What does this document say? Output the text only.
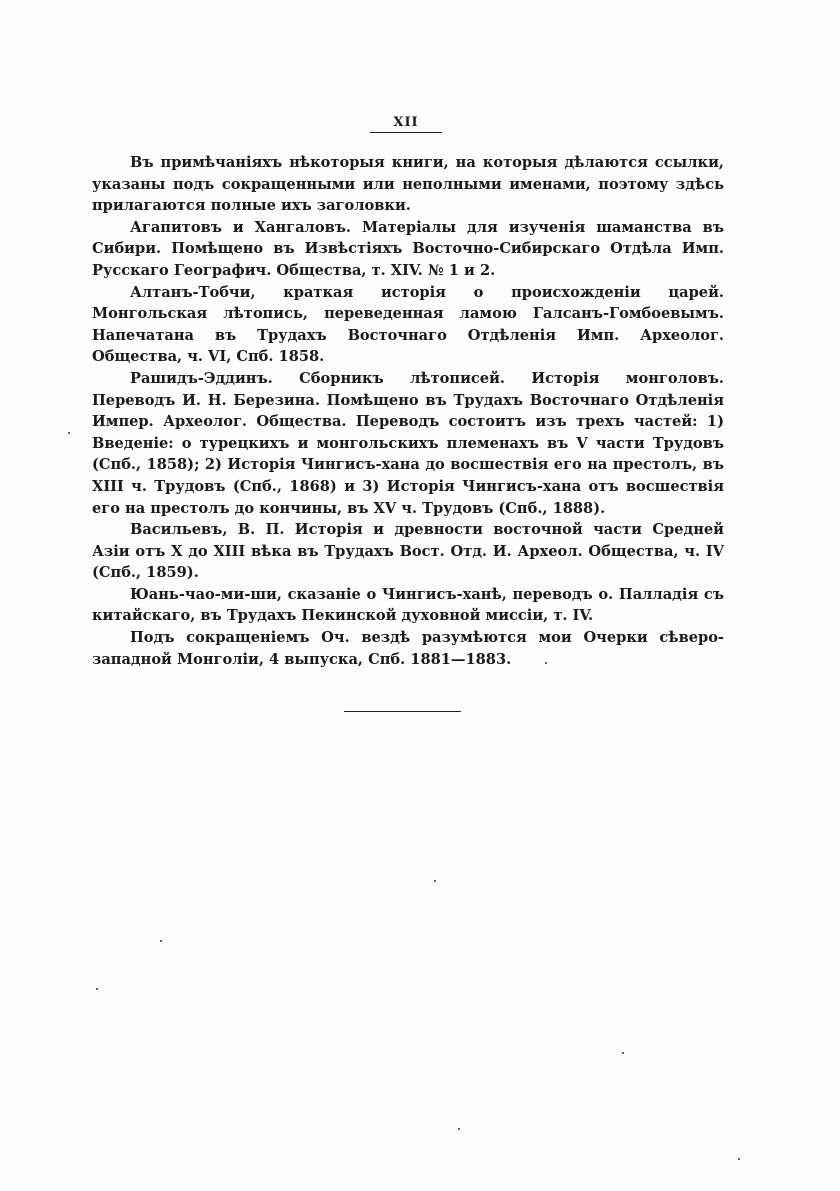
XII

Въ примѣчаніяхъ нѣкоторыя книги, на которыя дѣлаются ссылки, указаны подъ сокращенными или неполными именами, поэтому здѣсь прилагаются полные ихъ заголовки.

Агапитовъ и Хангаловъ. Матеріалы для изученія шаманства въ Сибири. Помѣщено въ Извѣстіяхъ Восточно-Сибирскаго Отдѣла Имп. Русскаго Географич. Общества, т. XIV. № 1 и 2.

Алтанъ-Тобчи, краткая исторія о происхожденіи царей. Монгольская лѣтопись, переведенная ламою Галсанъ-Гомбоевымъ. Напечатана въ Трудахъ Восточнаго Отдѣленія Имп. Археолог. Общества, ч. VI, Спб. 1858.

Рашидъ-Эддинъ. Сборникъ лѣтописей. Исторія монголовъ. Переводъ И. Н. Березина. Помѣщено въ Трудахъ Восточнаго Отдѣленія Импер. Археолог. Общества. Переводъ состоитъ изъ трехъ частей: 1) Введеніе: о турецкихъ и монгольскихъ племенахъ въ V части Трудовъ (Спб., 1858); 2) Исторія Чингисъ-хана до восшествія его на престолъ, въ XIII ч. Трудовъ (Спб., 1868) и 3) Исторія Чингисъ-хана отъ восшествія его на престолъ до кончины, въ XV ч. Трудовъ (Спб., 1888).

Васильевъ, В. П. Исторія и древности восточной части Средней Азіи отъ X до XIII вѣка въ Трудахъ Вост. Отд. И. Археол. Общества, ч. IV (Спб., 1859).

Юань-чао-ми-ши, сказаніе о Чингисъ-ханѣ, переводъ о. Палладія съ китайскаго, въ Трудахъ Пекинской духовной миссіи, т. IV.

Подъ сокращеніемъ Оч. вездѣ разумѣются мои Очерки сѣверо-западной Монголіи, 4 выпуска, Спб. 1881—1883.
